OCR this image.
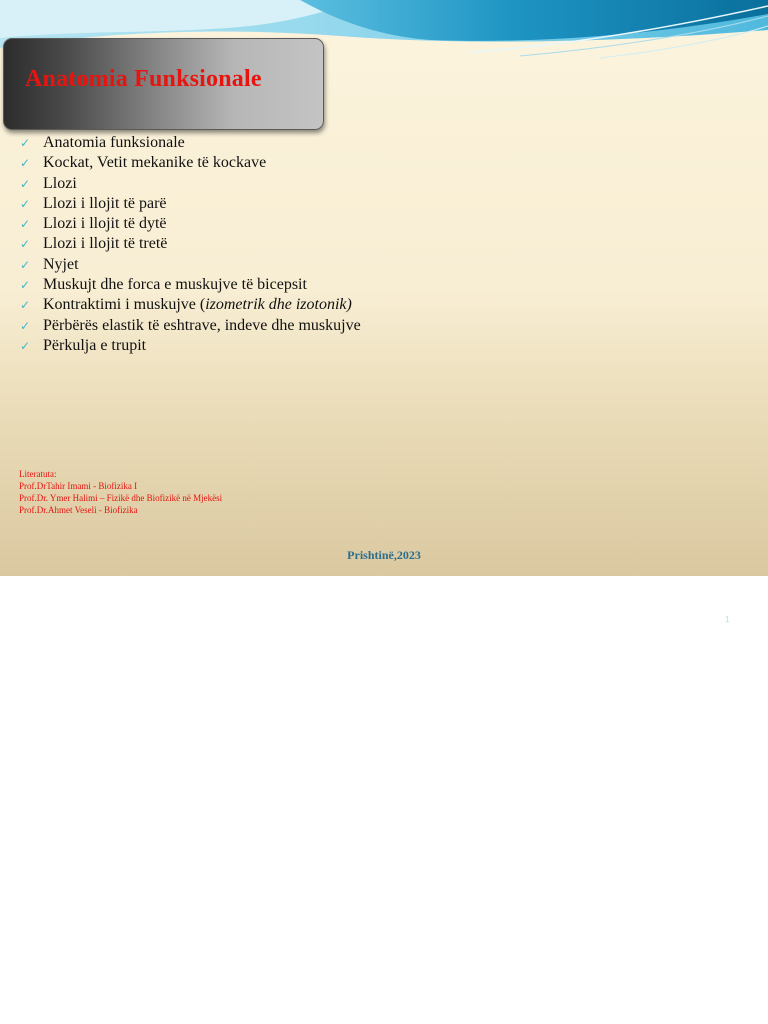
Anatomia Funksionale
✓ Anatomia funksionale
✓ Kockat, Vetit mekanike të kockave
✓ Llozi
✓ Llozi i llojit të parë
✓ Llozi i llojit të dytë
✓ Llozi i llojit të tretë
✓ Nyjet
✓ Muskujt dhe forca e muskujve të bicepsit
✓ Kontraktimi i muskujve (izometrik dhe izotonik)
✓ Përbërës elastik të eshtrave, indeve dhe muskujve
✓ Përkulja e trupit
Literatuta:
Prof.DrTahir Imami - Biofizika I
Prof.Dr. Ymer Halimi – Fizikë dhe Biofizikë në Mjekësi
Prof.Dr.Ahmet Veseli - Biofizika
Prishtinë,2023
1
